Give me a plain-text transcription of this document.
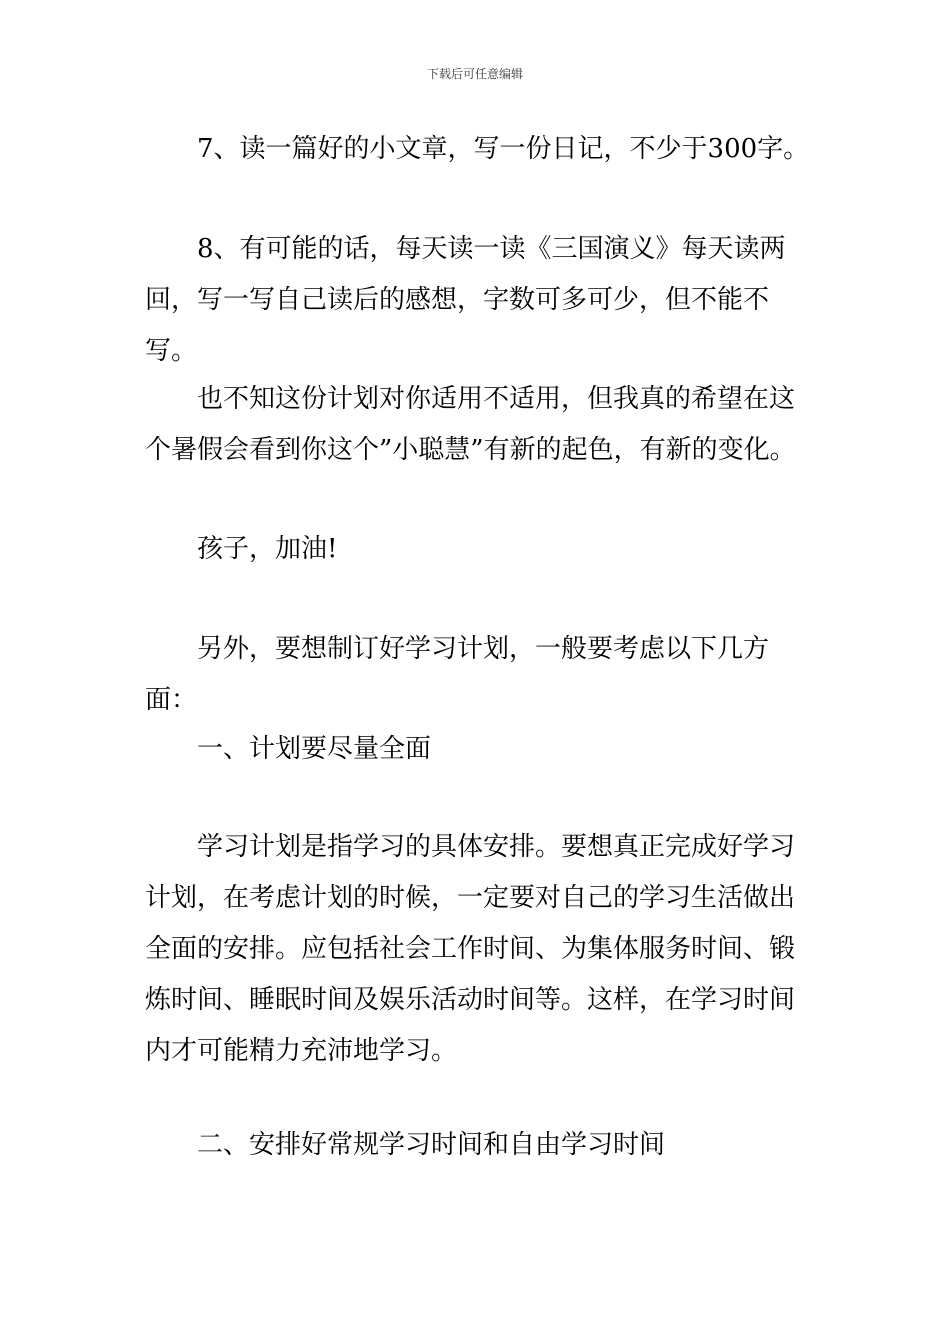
下载后可任意编辑

7、读一篇好的小文章，写一份日记，不少于300字。

8、有可能的话，每天读一读《三国演义》每天读两回，写一写自己读后的感想，字数可多可少，但不能不写。

也不知这份计划对你适用不适用，但我真的希望在这个暑假会看到你这个”小聪慧”有新的起色，有新的变化。

孩子，加油!

另外，要想制订好学习计划，一般要考虑以下几方面：

一、计划要尽量全面

学习计划是指学习的具体安排。要想真正完成好学习计划，在考虑计划的时候，一定要对自己的学习生活做出全面的安排。应包括社会工作时间、为集体服务时间、锻炼时间、睡眠时间及娱乐活动时间等。这样，在学习时间内才可能精力充沛地学习。

二、安排好常规学习时间和自由学习时间
